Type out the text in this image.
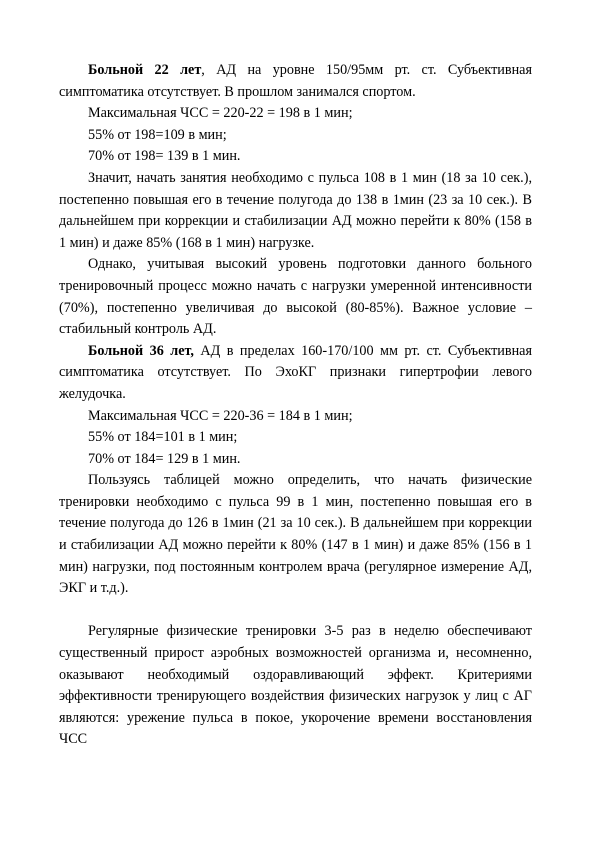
Больной 22 лет, АД на уровне 150/95мм рт. ст. Субъективная симптоматика отсутствует. В прошлом занимался спортом.

Максимальная ЧСС = 220-22 = 198 в 1 мин;

55% от 198=109 в мин;

70% от 198= 139 в 1 мин.

Значит, начать занятия необходимо с пульса 108 в 1 мин (18 за 10 сек.), постепенно повышая его в течение полугода до 138 в 1мин (23 за 10 сек.). В дальнейшем при коррекции и стабилизации АД можно перейти к 80% (158 в 1 мин) и даже 85% (168 в 1 мин) нагрузке.

Однако, учитывая высокий уровень подготовки данного больного тренировочный процесс можно начать с нагрузки умеренной интенсивности (70%), постепенно увеличивая до высокой (80-85%). Важное условие – стабильный контроль АД.

Больной 36 лет, АД в пределах 160-170/100 мм рт. ст. Субъективная симптоматика отсутствует. По ЭхоКГ признаки гипертрофии левого желудочка.

Максимальная ЧСС = 220-36 = 184 в 1 мин;

55% от 184=101 в 1 мин;

70% от 184= 129 в 1 мин.

Пользуясь таблицей можно определить, что начать физические тренировки необходимо с пульса 99 в 1 мин, постепенно повышая его в течение полугода до 126 в 1мин (21 за 10 сек.). В дальнейшем при коррекции и стабилизации АД можно перейти к 80% (147 в 1 мин) и даже 85% (156 в 1 мин) нагрузки, под постоянным контролем врача (регулярное измерение АД, ЭКГ и т.д.).

Регулярные физические тренировки 3-5 раз в неделю обеспечивают существенный прирост аэробных возможностей организма и, несомненно, оказывают необходимый оздоравливающий эффект. Критериями эффективности тренирующего воздействия физических нагрузок у лиц с АГ являются: урежение пульса в покое, укорочение времени восстановления ЧСС
